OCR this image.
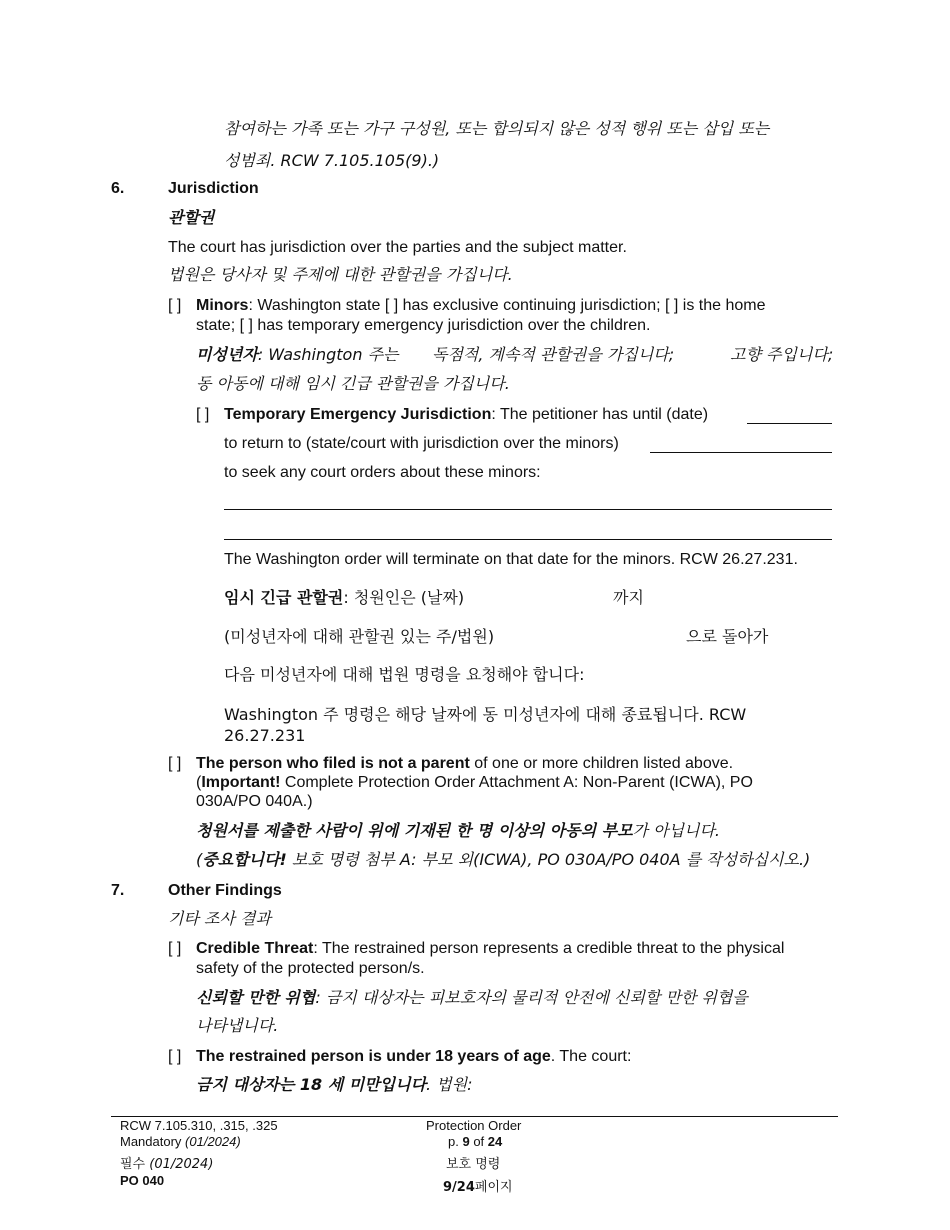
참여하는 가족 또는 가구 구성원, 또는 합의되지 않은 성적 행위 또는 삽입 또는
성범죄. RCW 7.105.105(9).)
6.	Jurisdiction
관할권
The court has jurisdiction over the parties and the subject matter.
법원은 당사자 및 주제에 대한 관할권을 가집니다.
[ ] Minors: Washington state [ ] has exclusive continuing jurisdiction; [ ] is the home
state; [ ] has temporary emergency jurisdiction over the children.
미성년자: Washington 주는 독점적, 계속적 관할권을 가집니다;	고향 주입니다;
동 아동에 대해 임시 긴급 관할권을 가집니다.
[ ] Temporary Emergency Jurisdiction: The petitioner has until (date)
to return to (state/court with jurisdiction over the minors)
to seek any court orders about these minors:
The Washington order will terminate on that date for the minors. RCW 26.27.231.
임시 긴급 관할권: 청원인은 (날짜)	까지
(미성년자에 대해 관할권 있는 주/법원)	으로 돌아가
다음 미성년자에 대해 법원 명령을 요청해야 합니다:
Washington 주 명령은 해당 날짜에 동 미성년자에 대해 종료됩니다. RCW
26.27.231
[ ] The person who filed is not a parent of one or more children listed above.
(Important! Complete Protection Order Attachment A: Non-Parent (ICWA), PO
030A/PO 040A.)
청원서를 제출한 사람이 위에 기재된 한 명 이상의 아동의 부모가 아닙니다.
(중요합니다! 보호 명령 첨부 A: 부모 외(ICWA), PO 030A/PO 040A 를 작성하십시오.)
7.	Other Findings
기타 조사 결과
[ ] Credible Threat: The restrained person represents a credible threat to the physical
safety of the protected person/s.
신뢰할 만한 위협: 금지 대상자는 피보호자의 물리적 안전에 신뢰할 만한 위협을
나타냅니다.
[ ] The restrained person is under 18 years of age. The court:
금지 대상자는 18 세 미만입니다. 법원:
RCW 7.105.310, .315, .325
Mandatory (01/2024)
필수 (01/2024)
PO 040
Protection Order
p. 9 of 24
보호 명령
9/24페이지
